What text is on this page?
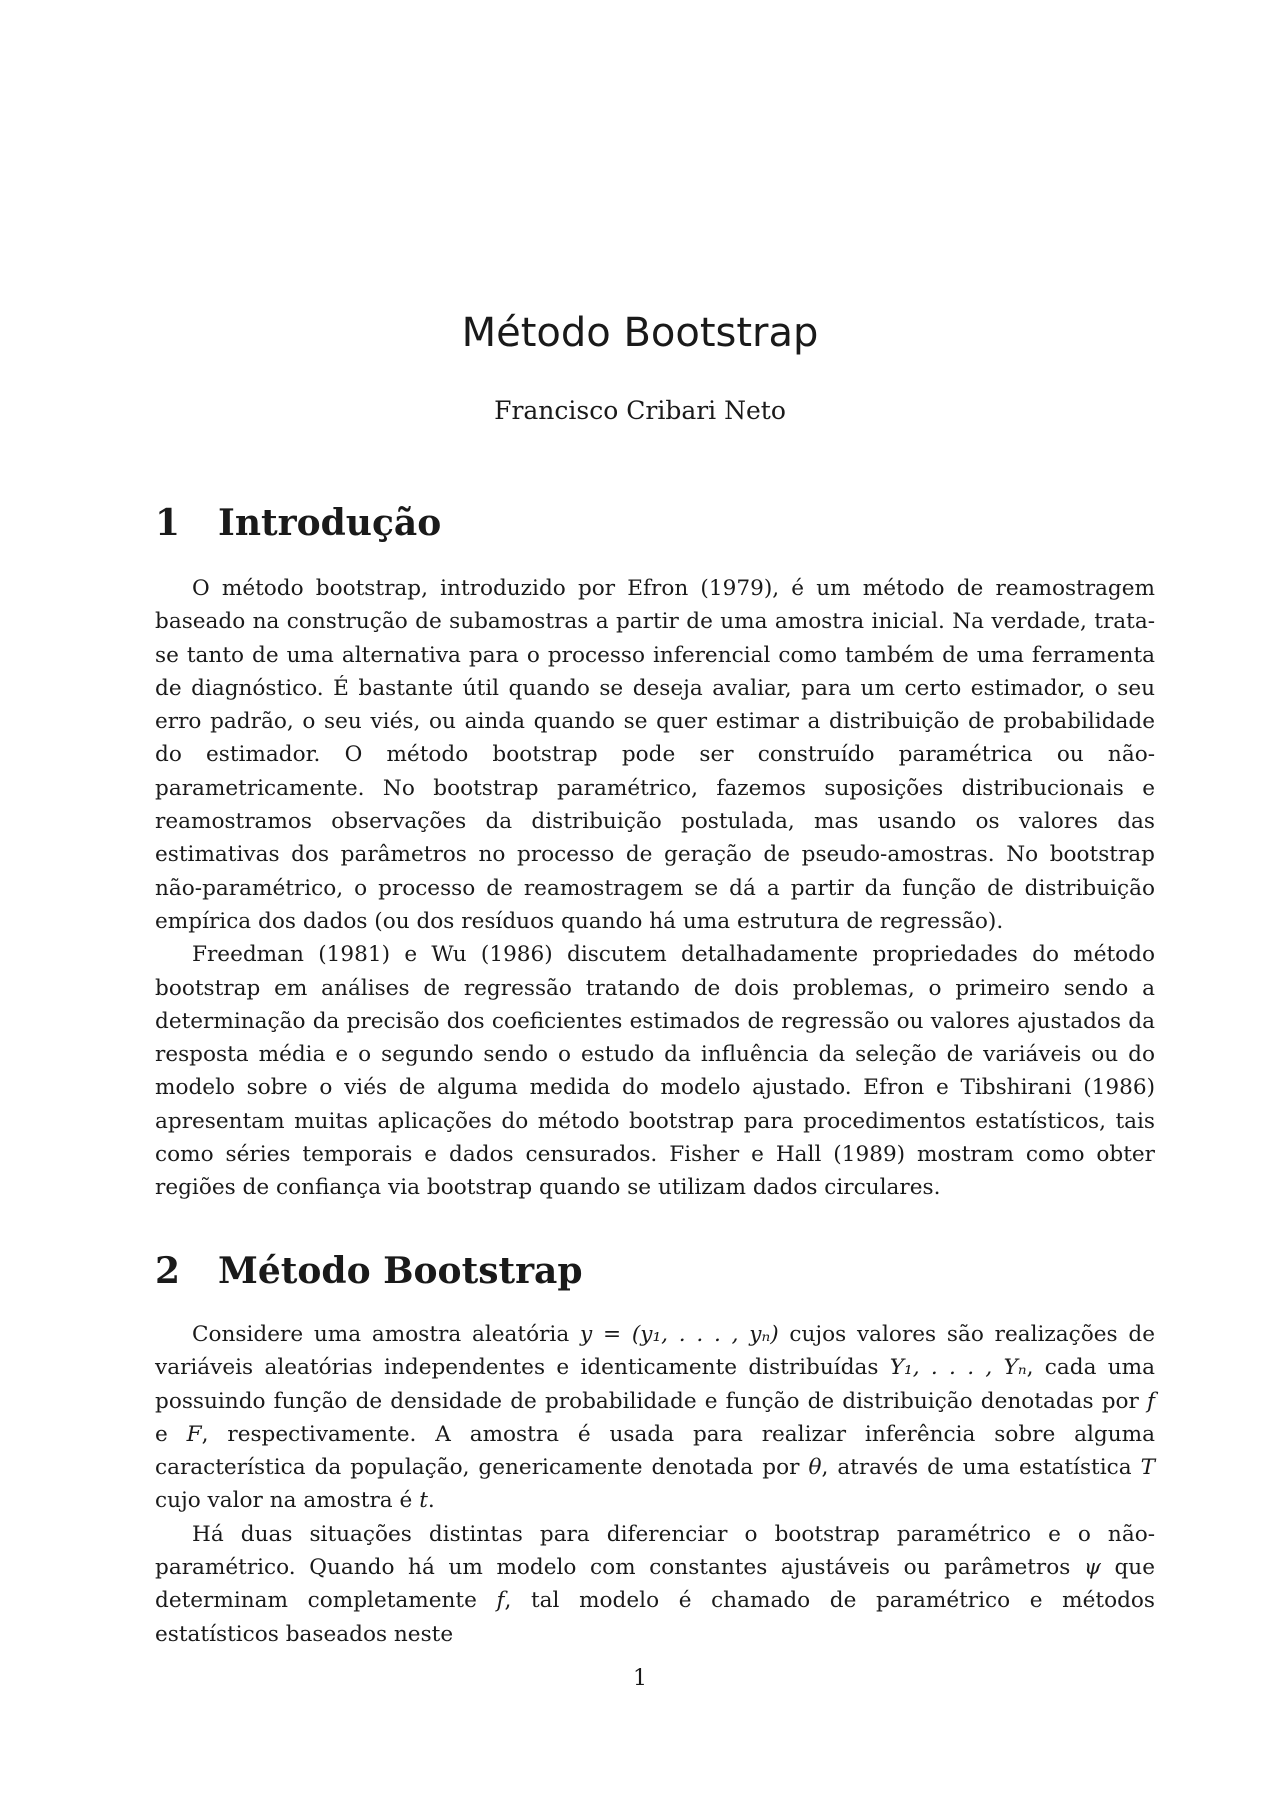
Método Bootstrap
Francisco Cribari Neto
1 Introdução

O método bootstrap, introduzido por Efron (1979), é um método de reamostragem baseado na construção de subamostras a partir de uma amostra inicial. Na verdade, trata-se tanto de uma alternativa para o processo inferencial como também de uma ferramenta de diagnóstico. É bastante útil quando se deseja avaliar, para um certo estimador, o seu erro padrão, o seu viés, ou ainda quando se quer estimar a distribuição de probabilidade do estimador. O método bootstrap pode ser construído paramétrica ou não-parametricamente. No bootstrap paramétrico, fazemos suposições distribucionais e reamostramos observações da distribuição postulada, mas usando os valores das estimativas dos parâmetros no processo de geração de pseudo-amostras. No bootstrap não-paramétrico, o processo de reamostragem se dá a partir da função de distribuição empírica dos dados (ou dos resíduos quando há uma estrutura de regressão).

Freedman (1981) e Wu (1986) discutem detalhadamente propriedades do método bootstrap em análises de regressão tratando de dois problemas, o primeiro sendo a determinação da precisão dos coeficientes estimados de regressão ou valores ajustados da resposta média e o segundo sendo o estudo da influência da seleção de variáveis ou do modelo sobre o viés de alguma medida do modelo ajustado. Efron e Tibshirani (1986) apresentam muitas aplicações do método bootstrap para procedimentos estatísticos, tais como séries temporais e dados censurados. Fisher e Hall (1989) mostram como obter regiões de confiança via bootstrap quando se utilizam dados circulares.

2 Método Bootstrap

Considere uma amostra aleatória y = (y₁, . . . , yₙ) cujos valores são realizações de variáveis aleatórias independentes e identicamente distribuídas Y₁, . . . , Yₙ, cada uma possuindo função de densidade de probabilidade e função de distribuição denotadas por f e F, respectivamente. A amostra é usada para realizar inferência sobre alguma característica da população, genericamente denotada por θ, através de uma estatística T cujo valor na amostra é t.

Há duas situações distintas para diferenciar o bootstrap paramétrico e o não-paramétrico. Quando há um modelo com constantes ajustáveis ou parâmetros ψ que determinam completamente f, tal modelo é chamado de paramétrico e métodos estatísticos baseados neste

1
